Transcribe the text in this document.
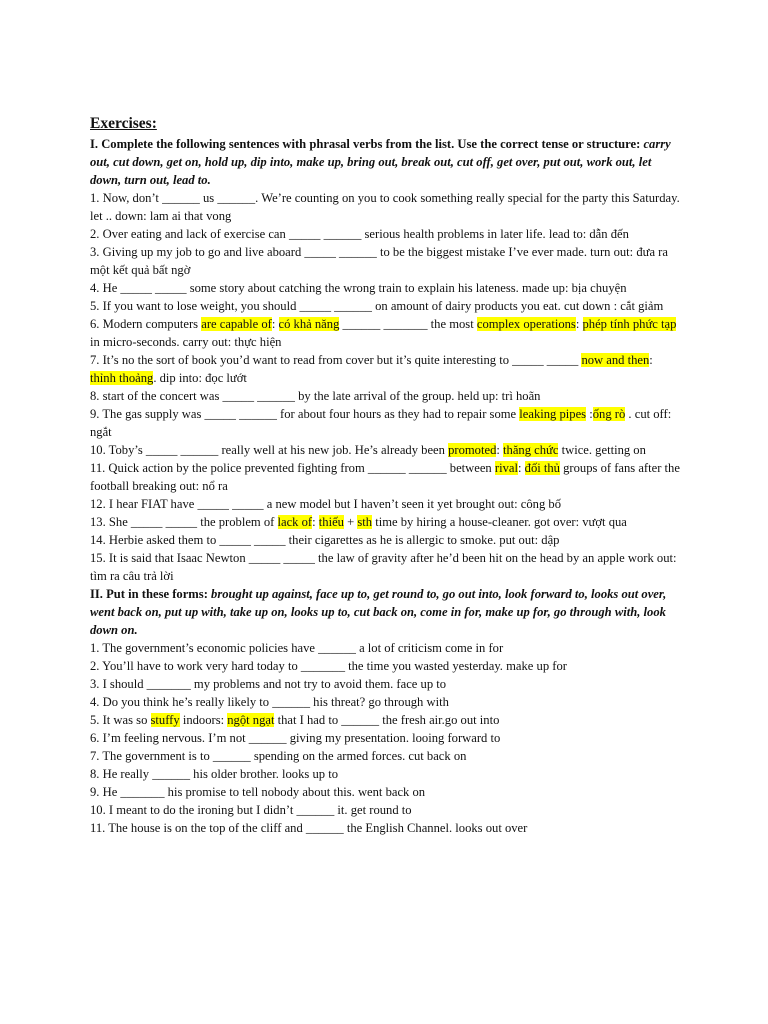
Exercises:
I. Complete the following sentences with phrasal verbs from the list. Use the correct tense or structure: carry out, cut down, get on, hold up, dip into, make up, bring out, break out, cut off, get over, put out, work out, let down, turn out, lead to.
1. Now, don’t ______ us ______. We’re counting on you to cook something really special for the party this Saturday. let .. down: lam ai that vong
2. Over eating and lack of exercise can _____ ______ serious health problems in later life. lead to: dẫn đến
3. Giving up my job to go and live aboard _____ ______ to be the biggest mistake I’ve ever made. turn out: đưa ra một kết quả bất ngờ
4. He _____ _____ some story about catching the wrong train to explain his lateness. made up: bịa chuyện
5. If you want to lose weight, you should _____ ______ on amount of dairy products you eat. cut down : cắt giảm
6. Modern computers are capable of: có khả năng ______ _______ the most complex operations: phép tính phức tạp in micro-seconds. carry out: thực hiện
7. It’s no the sort of book you’d want to read from cover but it’s quite interesting to _____ _____ now and then: thỉnh thoảng. dip into: đọc lướt
8. start of the concert was _____ ______ by the late arrival of the group. held up: trì hoãn
9. The gas supply was _____ ______ for about four hours as they had to repair some leaking pipes :ống rò . cut off: ngắt
10. Toby’s _____ ______ really well at his new job. He’s already been promoted: thăng chức twice. getting on
11. Quick action by the police prevented fighting from ______ ______ between rival: đối thủ groups of fans after the football breaking out: nổ ra
12. I hear FIAT have _____ _____ a new model but I haven’t seen it yet brought out: công bố
13. She _____ _____ the problem of lack of: thiếu + sth time by hiring a house-cleaner. got over: vượt qua
14. Herbie asked them to _____ _____ their cigarettes as he is allergic to smoke. put out: dập
15. It is said that Isaac Newton _____ _____ the law of gravity after he’d been hit on the head by an apple work out: tìm ra câu trả lời
II. Put in these forms: brought up against, face up to, get round to, go out into, look forward to, looks out over, went back on, put up with, take up on, looks up to, cut back on, come in for, make up for, go through with, look down on.
1. The government’s economic policies have ______ a lot of criticism come in for
2. You’ll have to work very hard today to _______ the time you wasted yesterday. make up for
3. I should _______ my problems and not try to avoid them. face up to
4. Do you think he’s really likely to ______ his threat? go through with
5. It was so stuffy indoors: ngột ngạt that I had to ______ the fresh air.go out into
6. I’m feeling nervous. I’m not ______ giving my presentation. looing forward to
7. The government is to ______ spending on the armed forces. cut back on
8. He really ______ his older brother. looks up to
9. He _______ his promise to tell nobody about this. went back on
10. I meant to do the ironing but I didn’t ______ it. get round to
11. The house is on the top of the cliff and ______ the English Channel. looks out over
